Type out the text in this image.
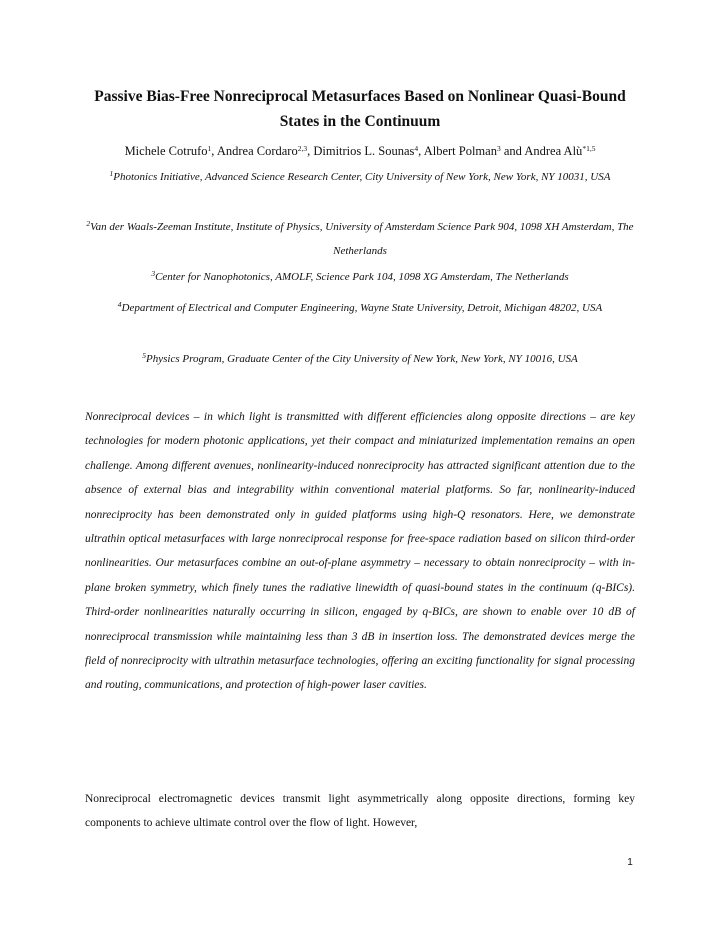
Passive Bias-Free Nonreciprocal Metasurfaces Based on Nonlinear Quasi-Bound States in the Continuum
Michele Cotrufo$^1$, Andrea Cordaro$^{2,3}$, Dimitrios L. Sounas$^4$, Albert Polman$^3$ and Andrea Alù$^{*1,5}$
$^1$Photonics Initiative, Advanced Science Research Center, City University of New York, New York, NY 10031, USA
$^2$Van der Waals-Zeeman Institute, Institute of Physics, University of Amsterdam Science Park 904, 1098 XH Amsterdam, The Netherlands
$^3$Center for Nanophotonics, AMOLF, Science Park 104, 1098 XG Amsterdam, The Netherlands
$^4$Department of Electrical and Computer Engineering, Wayne State University, Detroit, Michigan 48202, USA
$^5$Physics Program, Graduate Center of the City University of New York, New York, NY 10016, USA

Nonreciprocal devices – in which light is transmitted with different efficiencies along opposite directions – are key technologies for modern photonic applications, yet their compact and miniaturized implementation remains an open challenge. Among different avenues, nonlinearity-induced nonreciprocity has attracted significant attention due to the absence of external bias and integrability within conventional material platforms. So far, nonlinearity-induced nonreciprocity has been demonstrated only in guided platforms using high-Q resonators. Here, we demonstrate ultrathin optical metasurfaces with large nonreciprocal response for free-space radiation based on silicon third-order nonlinearities. Our metasurfaces combine an out-of-plane asymmetry – necessary to obtain nonreciprocity – with in-plane broken symmetry, which finely tunes the radiative linewidth of quasi-bound states in the continuum (q-BICs). Third-order nonlinearities naturally occurring in silicon, engaged by q-BICs, are shown to enable over 10 dB of nonreciprocal transmission while maintaining less than 3 dB in insertion loss. The demonstrated devices merge the field of nonreciprocity with ultrathin metasurface technologies, offering an exciting functionality for signal processing and routing, communications, and protection of high-power laser cavities.

Nonreciprocal electromagnetic devices transmit light asymmetrically along opposite directions, forming key components to achieve ultimate control over the flow of light. However,

1
